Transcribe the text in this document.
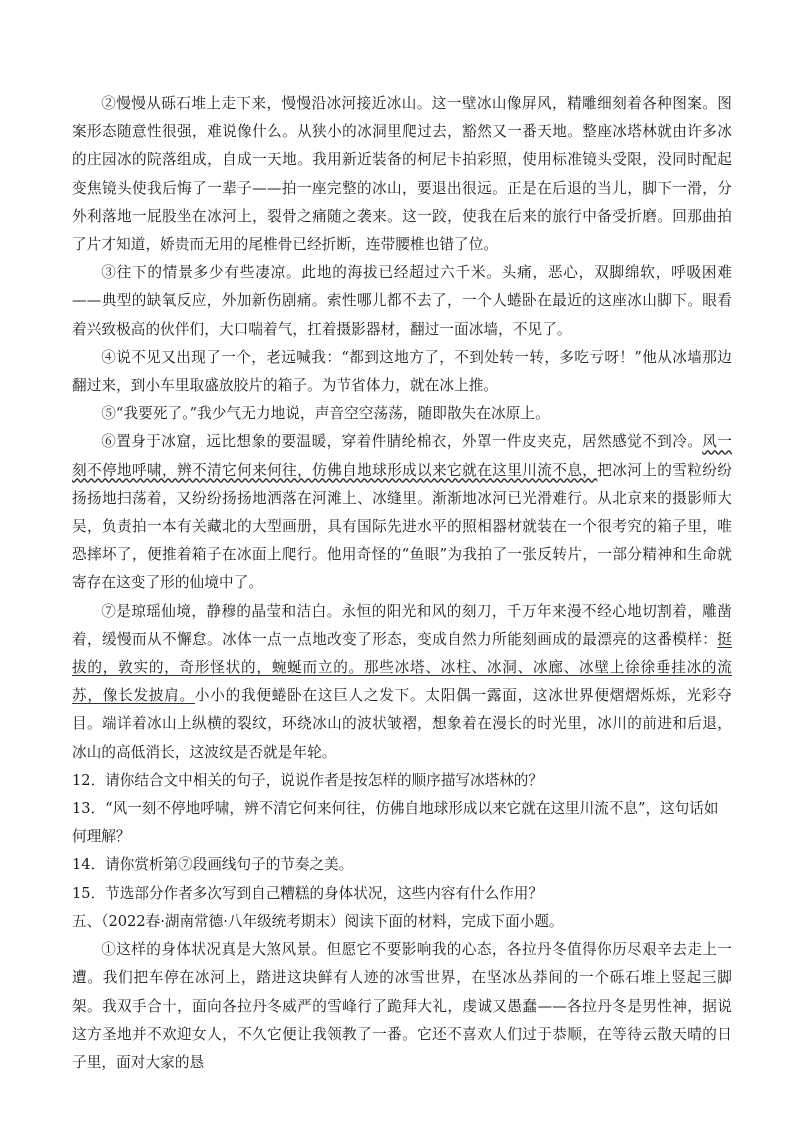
②慢慢从砾石堆上走下来，慢慢沿冰河接近冰山。这一壁冰山像屏风，精雕细刻着各种图案。图案形态随意性很强，难说像什么。从狭小的冰洞里爬过去，豁然又一番天地。整座冰塔林就由许多冰的庄园冰的院落组成，自成一天地。我用新近装备的柯尼卡拍彩照，使用标准镜头受限，没同时配起变焦镜头使我后悔了一辈子——拍一座完整的冰山，要退出很远。正是在后退的当儿，脚下一滑，分外利落地一屁股坐在冰河上，裂骨之痛随之袭来。这一跤，使我在后来的旅行中备受折磨。回那曲拍了片才知道，娇贵而无用的尾椎骨已经折断，连带腰椎也错了位。

③往下的情景多少有些凄凉。此地的海拔已经超过六千米。头痛，恶心，双脚绵软，呼吸困难——典型的缺氧反应，外加新伤剧痛。索性哪儿都不去了，一个人蜷卧在最近的这座冰山脚下。眼看着兴致极高的伙伴们，大口喘着气，扛着摄影器材，翻过一面冰墙，不见了。

④说不见又出现了一个，老远喊我：“都到这地方了，不到处转一转，多吃亏呀！”他从冰墙那边翻过来，到小车里取盛放胶片的箱子。为节省体力，就在冰上推。

⑤“我要死了。”我少气无力地说，声音空空荡荡，随即散失在冰原上。

⑥置身于冰窟，远比想象的要温暖，穿着件腈纶棉衣，外罩一件皮夹克，居然感觉不到冷。风一刻不停地呼啸，辨不清它何来何往，仿佛自地球形成以来它就在这里川流不息，把冰河上的雪粒纷纷扬扬地扫荡着，又纷纷扬扬地洒落在河滩上、冰缝里。渐渐地冰河已光滑难行。从北京来的摄影师大吴，负责拍一本有关藏北的大型画册，具有国际先进水平的照相器材就装在一个很考究的箱子里，唯恐摔坏了，便推着箱子在冰面上爬行。他用奇怪的“鱼眼”为我拍了一张反转片，一部分精神和生命就寄存在这变了形的仙境中了。

⑦是琼瑶仙境，静穆的晶莹和洁白。永恒的阳光和风的刻刀，千万年来漫不经心地切割着，雕凿着，缓慢而从不懈怠。冰体一点一点地改变了形态，变成自然力所能刻画成的最漂亮的这番模样：挺拔的，敦实的，奇形怪状的，蜿蜒而立的。那些冰塔、冰柱、冰洞、冰廊、冰壁上徐徐垂挂冰的流苏，像长发披肩。小小的我便蜷卧在这巨人之发下。太阳偶一露面，这冰世界便熠熠烁烁，光彩夺目。端详着冰山上纵横的裂纹，环绕冰山的波状皱褶，想象着在漫长的时光里，冰川的前进和后退，冰山的高低消长，这波纹是否就是年轮。

12．请你结合文中相关的句子，说说作者是按怎样的顺序描写冰塔林的？

13．“风一刻不停地呼啸，辨不清它何来何往，仿佛自地球形成以来它就在这里川流不息”，这句话如何理解？

14．请你赏析第⑦段画线句子的节奏之美。

15．节选部分作者多次写到自己糟糕的身体状况，这些内容有什么作用？

五、（2022春·湖南常德·八年级统考期末）阅读下面的材料，完成下面小题。

①这样的身体状况真是大煞风景。但愿它不要影响我的心态，各拉丹冬值得你历尽艰辛去走上一遭。我们把车停在冰河上，踏进这块鲜有人迹的冰雪世界，在坚冰丛莽间的一个砾石堆上竖起三脚架。我双手合十，面向各拉丹冬威严的雪峰行了跪拜大礼，虔诚又愚蠢——各拉丹冬是男性神，据说这方圣地并不欢迎女人，不久它便让我领教了一番。它还不喜欢人们过于恭顺，在等待云散天晴的日子里，面对大家的恳
